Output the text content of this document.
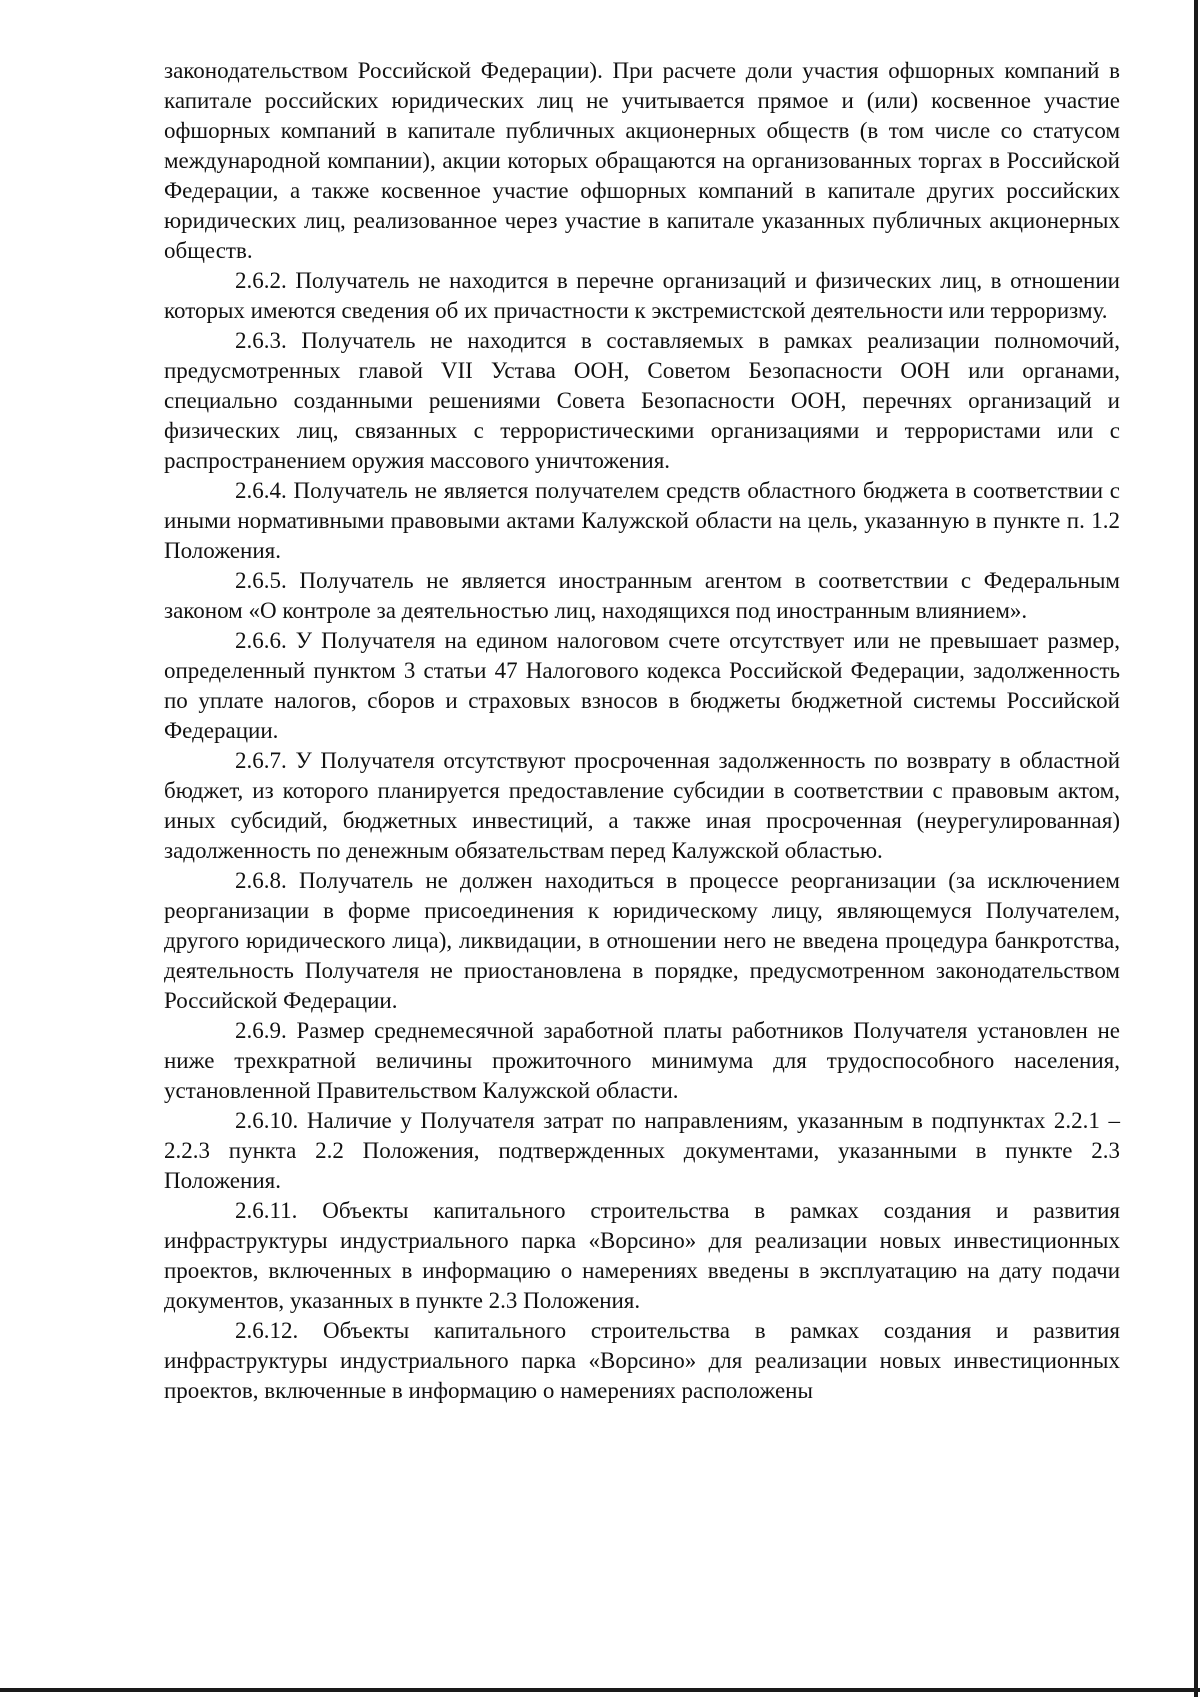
законодательством Российской Федерации). При расчете доли участия офшорных компаний в капитале российских юридических лиц не учитывается прямое и (или) косвенное участие офшорных компаний в капитале публичных акционерных обществ (в том числе со статусом международной компании), акции которых обращаются на организованных торгах в Российской Федерации, а также косвенное участие офшорных компаний в капитале других российских юридических лиц, реализованное через участие в капитале указанных публичных акционерных обществ.

2.6.2. Получатель не находится в перечне организаций и физических лиц, в отношении которых имеются сведения об их причастности к экстремистской деятельности или терроризму.

2.6.3. Получатель не находится в составляемых в рамках реализации полномочий, предусмотренных главой VII Устава ООН, Советом Безопасности ООН или органами, специально созданными решениями Совета Безопасности ООН, перечнях организаций и физических лиц, связанных с террористическими организациями и террористами или с распространением оружия массового уничтожения.

2.6.4. Получатель не является получателем средств областного бюджета в соответствии с иными нормативными правовыми актами Калужской области на цель, указанную в пункте п. 1.2 Положения.

2.6.5. Получатель не является иностранным агентом в соответствии с Федеральным законом «О контроле за деятельностью лиц, находящихся под иностранным влиянием».

2.6.6. У Получателя на едином налоговом счете отсутствует или не превышает размер, определенный пунктом 3 статьи 47 Налогового кодекса Российской Федерации, задолженность по уплате налогов, сборов и страховых взносов в бюджеты бюджетной системы Российской Федерации.

2.6.7. У Получателя отсутствуют просроченная задолженность по возврату в областной бюджет, из которого планируется предоставление субсидии в соответствии с правовым актом, иных субсидий, бюджетных инвестиций, а также иная просроченная (неурегулированная) задолженность по денежным обязательствам перед Калужской областью.

2.6.8. Получатель не должен находиться в процессе реорганизации (за исключением реорганизации в форме присоединения к юридическому лицу, являющемуся Получателем, другого юридического лица), ликвидации, в отношении него не введена процедура банкротства, деятельность Получателя не приостановлена в порядке, предусмотренном законодательством Российской Федерации.

2.6.9. Размер среднемесячной заработной платы работников Получателя установлен не ниже трехкратной величины прожиточного минимума для трудоспособного населения, установленной Правительством Калужской области.

2.6.10. Наличие у Получателя затрат по направлениям, указанным в подпунктах 2.2.1 – 2.2.3 пункта 2.2 Положения, подтвержденных документами, указанными в пункте 2.3 Положения.

2.6.11. Объекты капитального строительства в рамках создания и развития инфраструктуры индустриального парка «Ворсино» для реализации новых инвестиционных проектов, включенных в информацию о намерениях введены в эксплуатацию на дату подачи документов, указанных в пункте 2.3 Положения.

2.6.12. Объекты капитального строительства в рамках создания и развития инфраструктуры индустриального парка «Ворсино» для реализации новых инвестиционных проектов, включенные в информацию о намерениях расположены
